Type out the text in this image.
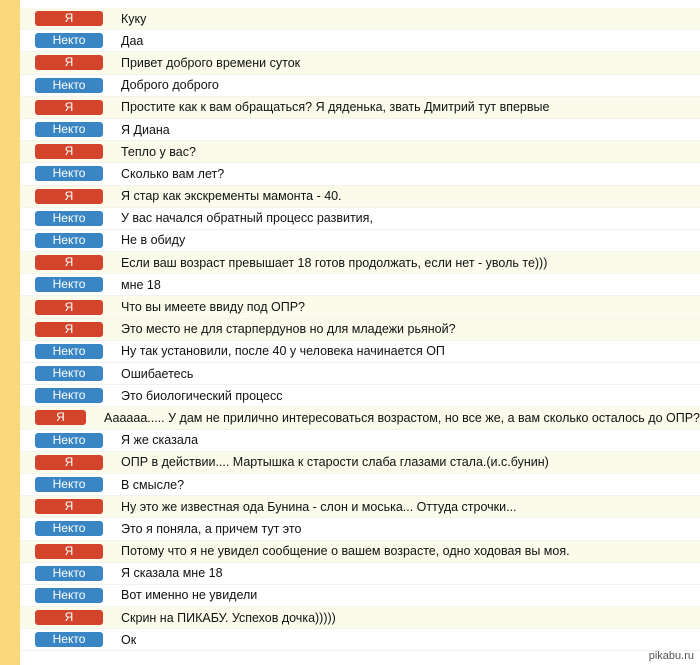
Я	Куку
Некто	Даа
Я	Привет доброго времени суток
Некто	Доброго доброго
Я	Простите как к вам обращаться? Я дяденька, звать Дмитрий тут впервые
Некто	Я Диана
Я	Тепло у вас?
Некто	Сколько вам лет?
Я	Я стар как экскременты мамонта - 40.
Некто	У вас начался обратный процесс развития,
Некто	Не в обиду
Я	Если ваш возраст превышает 18 готов продолжать, если нет - уволь те)))
Некто	мне 18
Я	Что вы имеете ввиду под ОПР?
Я	Это место не для старпердунов но для младежи рьяной?
Некто	Ну так установили, после 40 у человека начинается ОП
Некто	Ошибаетесь
Некто	Это биологический процесс
Я	Аааааа..... У дам не прилично интересоваться возрастом, но все же, а вам сколько осталось до ОПР?
Некто	Я же сказала
Я	ОПР в действии.... Мартышка к старости слаба глазами стала.(и.с.бунин)
Некто	В смысле?
Я	Ну это же известная ода Бунина - слон и моська... Оттуда строчки...
Некто	Это я поняла, а причем тут это
Я	Потому что я не увидел сообщение о вашем возрасте, одно ходовая вы моя.
Некто	Я сказала мне 18
Некто	Вот именно не увидели
Я	Скрин на ПИКАБУ. Успехов дочка)))))
Некто	Ок
pikabu.ru
